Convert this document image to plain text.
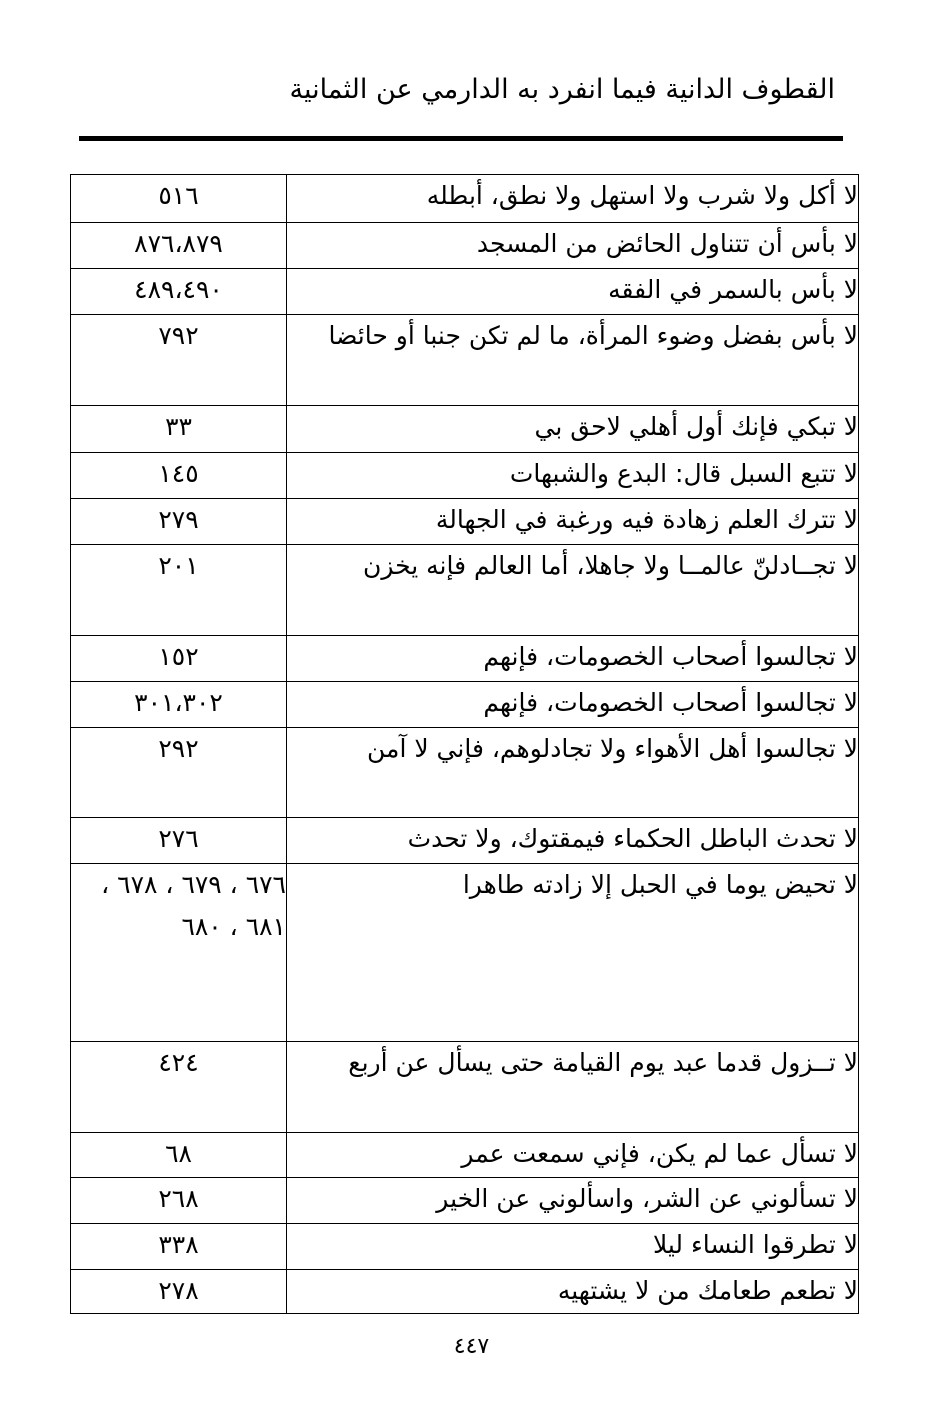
القطوف الدانية فيما انفرد به الدارمي عن الثمانية
لا أكل ولا شرب ولا استهل ولا نطق، أبطله	٥١٦
لا بأس أن تتناول الحائض من المسجد	٨٧٦،٨٧٩
لا بأس بالسمر في الفقه	٤٨٩،٤٩٠
لا بأس بفضل وضوء المرأة، ما لم تكن جنبا أو حائضا	٧٩٢
لا تبكي فإنك أول أهلي لاحق بي	٣٣
لا تتبع السبل قال: البدع والشبهات	١٤٥
لا تترك العلم زهادة فيه ورغبة في الجهالة	٢٧٩
لا تجــادلنّ عالمــا ولا جاهلا، أما العالم فإنه يخزن	٢٠١
لا تجالسوا أصحاب الخصومات، فإنهم	١٥٢
لا تجالسوا أصحاب الخصومات، فإنهم	٣٠١،٣٠٢
لا تجالسوا أهل الأهواء ولا تجادلوهم، فإني لا آمن	٢٩٢
لا تحدث الباطل الحكماء فيمقتوك، ولا تحدث	٢٧٦
لا تحيض يوما في الحبل إلا زادته طاهرا	٦٧٦ ، ٦٧٩ ، ٦٧٨ ، ٦٨١ ، ٦٨٠
لا تــزول قدما عبد يوم القيامة حتى يسأل عن أربع	٤٢٤
لا تسأل عما لم يكن، فإني سمعت عمر	٦٨
لا تسألوني عن الشر، واسألوني عن الخير	٢٦٨
لا تطرقوا النساء ليلا	٣٣٨
لا تطعم طعامك من لا يشتهيه	٢٧٨
٤٤٧
